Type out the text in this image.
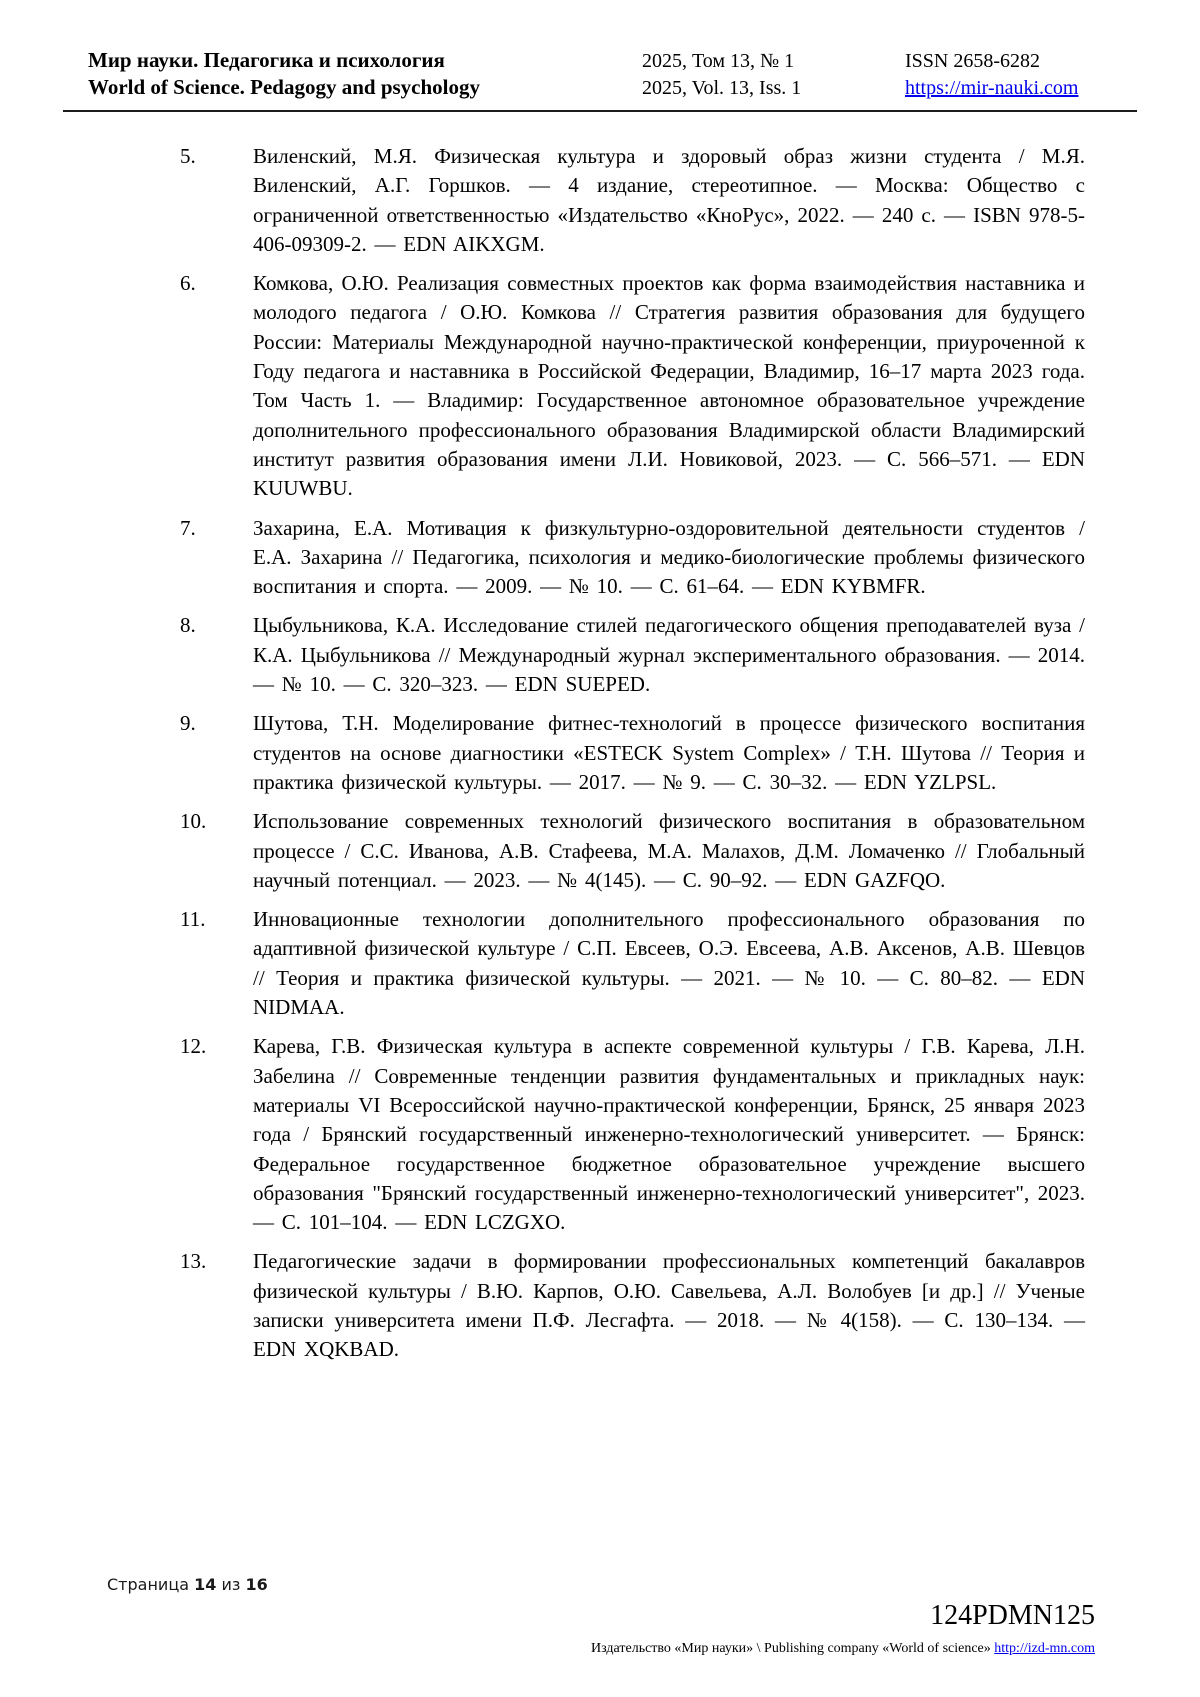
Мир науки. Педагогика и психология
World of Science. Pedagogy and psychology
2025, Том 13, № 1
2025, Vol. 13, Iss. 1
ISSN 2658-6282
https://mir-nauki.com
5.	Виленский, М.Я. Физическая культура и здоровый образ жизни студента / М.Я. Виленский, А.Г. Горшков. — 4 издание, стереотипное. — Москва: Общество с ограниченной ответственностью «Издательство «КноРус», 2022. — 240 с. — ISBN 978-5-406-09309-2. — EDN AIKXGM.
6.	Комкова, О.Ю. Реализация совместных проектов как форма взаимодействия наставника и молодого педагога / О.Ю. Комкова // Стратегия развития образования для будущего России: Материалы Международной научно-практической конференции, приуроченной к Году педагога и наставника в Российской Федерации, Владимир, 16–17 марта 2023 года. Том Часть 1. — Владимир: Государственное автономное образовательное учреждение дополнительного профессионального образования Владимирской области Владимирский институт развития образования имени Л.И. Новиковой, 2023. — С. 566–571. — EDN KUUWBU.
7.	Захарина, Е.А. Мотивация к физкультурно-оздоровительной деятельности студентов / Е.А. Захарина // Педагогика, психология и медико-биологические проблемы физического воспитания и спорта. — 2009. — № 10. — С. 61–64. — EDN KYBMFR.
8.	Цыбульникова, К.А. Исследование стилей педагогического общения преподавателей вуза / К.А. Цыбульникова // Международный журнал экспериментального образования. — 2014. — № 10. — С. 320–323. — EDN SUEPED.
9.	Шутова, Т.Н. Моделирование фитнес-технологий в процессе физического воспитания студентов на основе диагностики «ESTECK System Complex» / Т.Н. Шутова // Теория и практика физической культуры. — 2017. — № 9. — С. 30–32. — EDN YZLPSL.
10. Использование современных технологий физического воспитания в образовательном процессе / С.С. Иванова, А.В. Стафеева, М.А. Малахов, Д.М. Ломаченко // Глобальный научный потенциал. — 2023. — № 4(145). — С. 90–92. — EDN GAZFQO.
11. Инновационные технологии дополнительного профессионального образования по адаптивной физической культуре / С.П. Евсеев, О.Э. Евсеева, А.В. Аксенов, А.В. Шевцов // Теория и практика физической культуры. — 2021. — № 10. — С. 80–82. — EDN NIDMAA.
12. Карева, Г.В. Физическая культура в аспекте современной культуры / Г.В. Карева, Л.Н. Забелина // Современные тенденции развития фундаментальных и прикладных наук: материалы VI Всероссийской научно-практической конференции, Брянск, 25 января 2023 года / Брянский государственный инженерно-технологический университет. — Брянск: Федеральное государственное бюджетное образовательное учреждение высшего образования "Брянский государственный инженерно-технологический университет", 2023. — С. 101–104. — EDN LCZGXO.
13. Педагогические задачи в формировании профессиональных компетенций бакалавров физической культуры / В.Ю. Карпов, О.Ю. Савельева, А.Л. Волобуев [и др.] // Ученые записки университета имени П.Ф. Лесгафта. — 2018. — № 4(158). — С. 130–134. — EDN XQKBAD.
Страница 14 из 16
124PDMN125
Издательство «Мир науки» \ Publishing company «World of science» http://izd-mn.com
